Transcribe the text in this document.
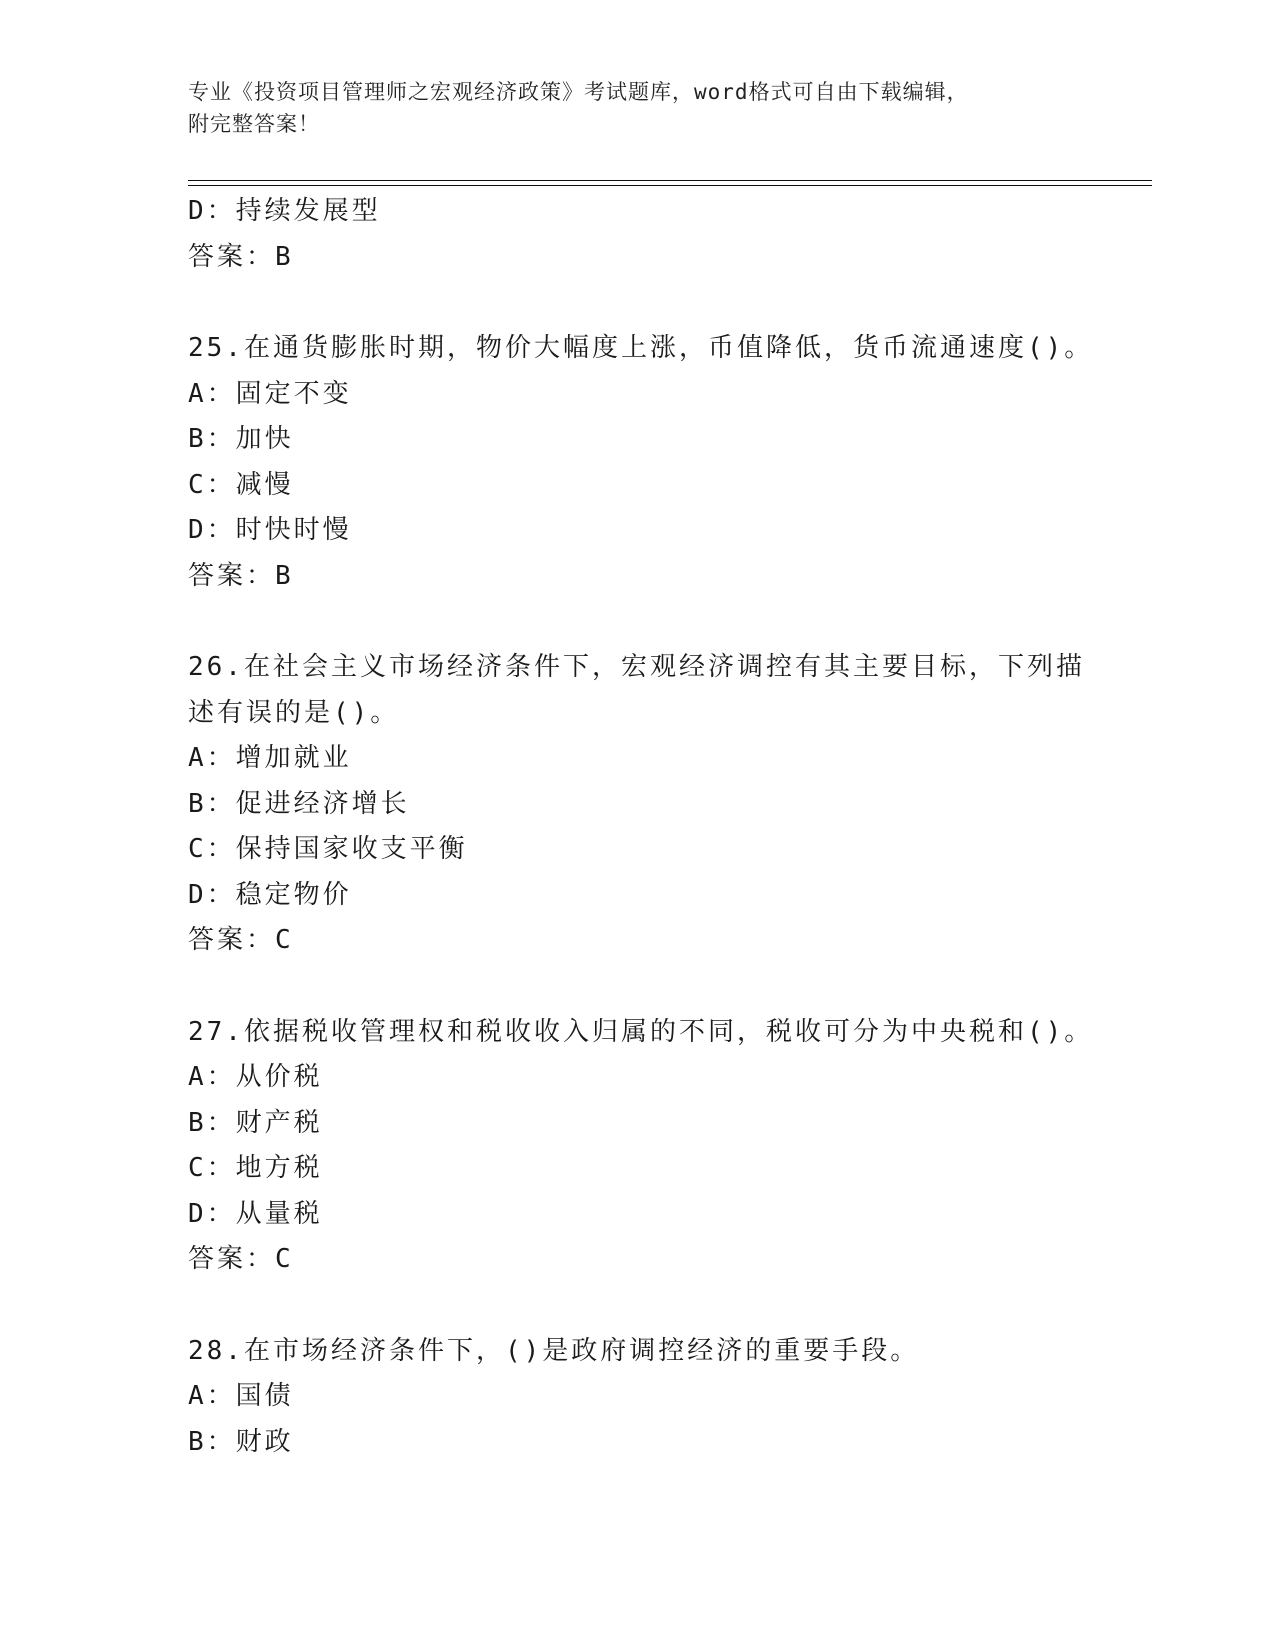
专业《投资项目管理师之宏观经济政策》考试题库，word格式可自由下载编辑，
附完整答案！
D：持续发展型
答案：B
25.在通货膨胀时期，物价大幅度上涨，币值降低，货币流通速度()。
A：固定不变
B：加快
C：减慢
D：时快时慢
答案：B
26.在社会主义市场经济条件下，宏观经济调控有其主要目标，下列描
述有误的是()。
A：增加就业
B：促进经济增长
C：保持国家收支平衡
D：稳定物价
答案：C
27.依据税收管理权和税收收入归属的不同，税收可分为中央税和()。
A：从价税
B：财产税
C：地方税
D：从量税
答案：C
28.在市场经济条件下，()是政府调控经济的重要手段。
A：国债
B：财政
